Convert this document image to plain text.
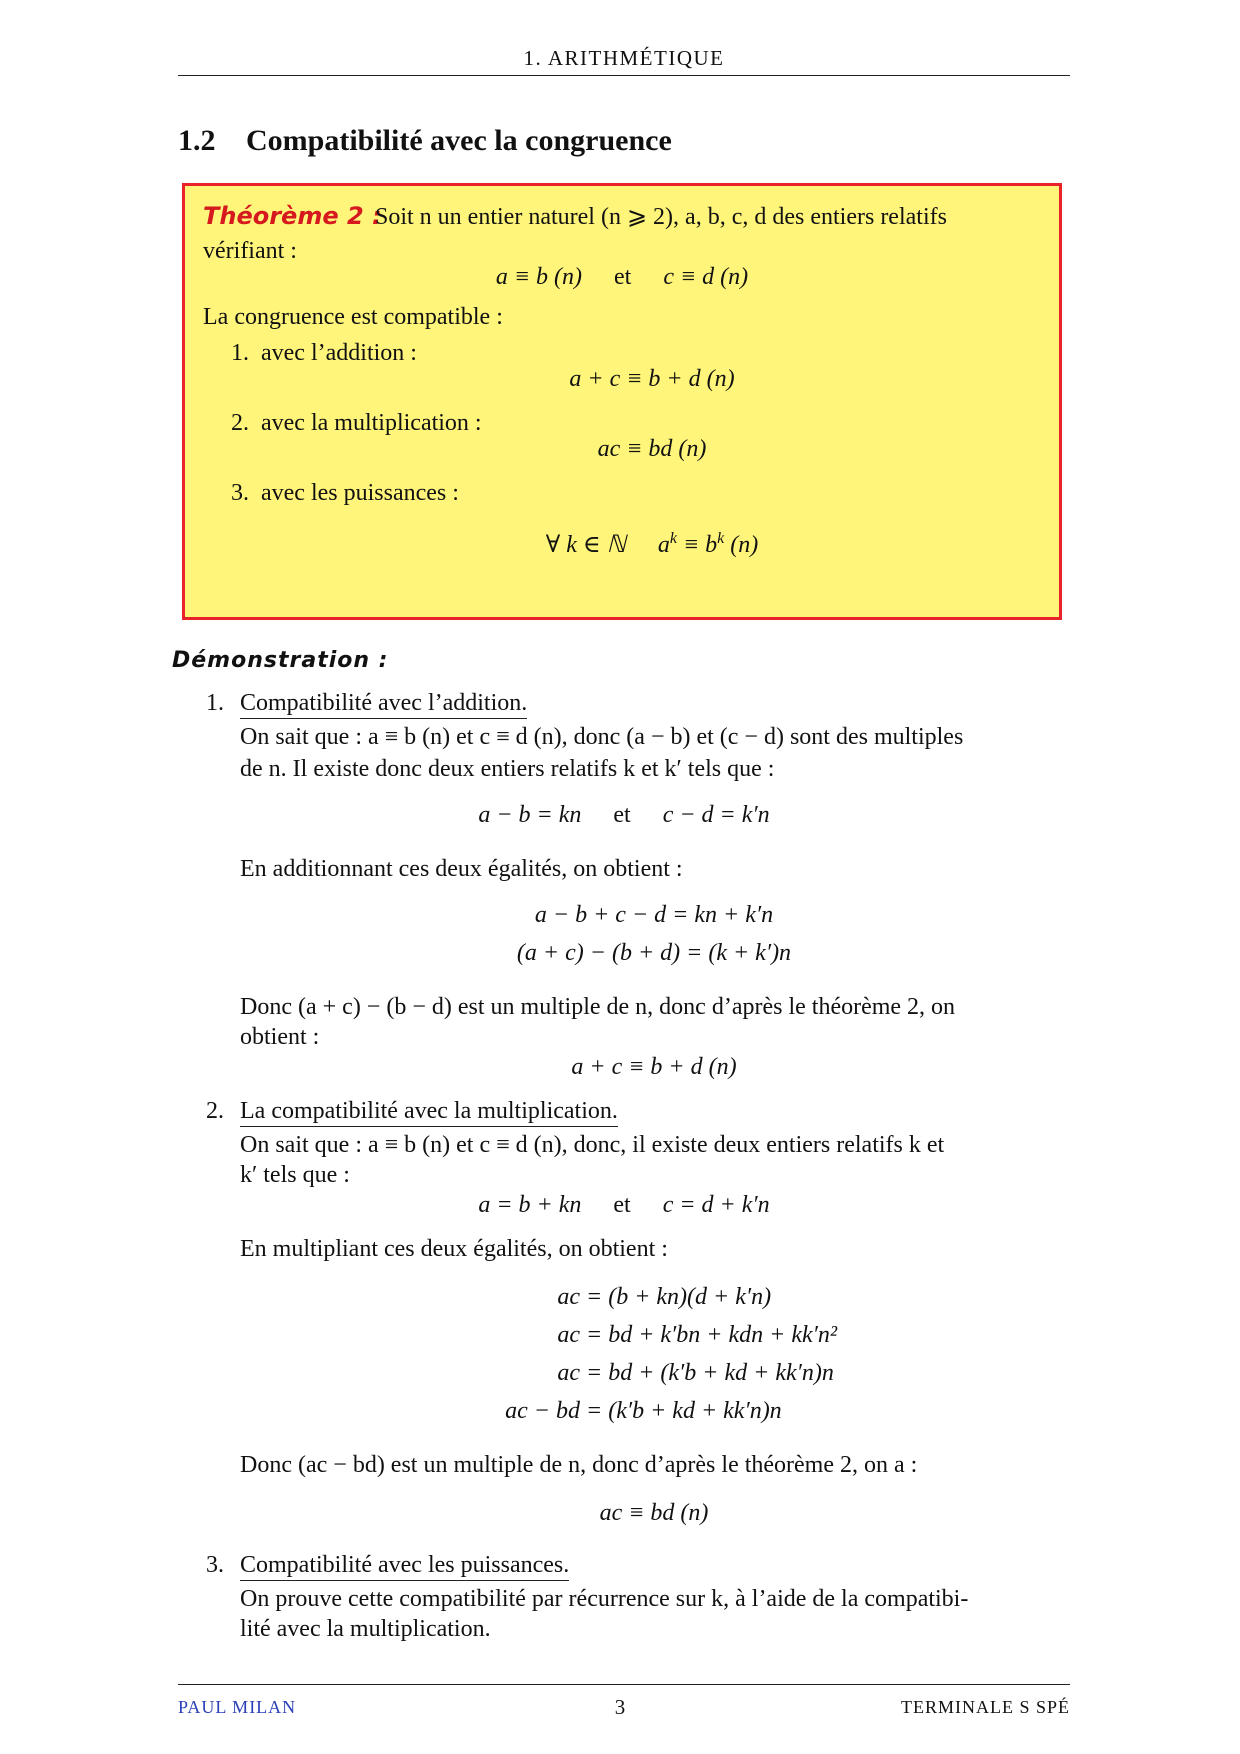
1. ARITHMÉTIQUE
1.2 Compatibilité avec la congruence
Théorème 2 :
Soit n un entier naturel (n ⩾ 2), a, b, c, d des entiers relatifs
vérifiant :
a ≡ b (n) et c ≡ d (n)
La congruence est compatible :
1. avec l’addition :
a + c ≡ b + d (n)
2. avec la multiplication :
ac ≡ bd (n)
3. avec les puissances :
∀ k ∈ ℕ $a^k \equiv b^k$ (n)
Démonstration :
1. Compatibilité avec l’addition.
On sait que : a ≡ b (n) et c ≡ d (n), donc (a − b) et (c − d) sont des multiples
de n. Il existe donc deux entiers relatifs k et k′ tels que :
a − b = kn et c − d = k′n
En additionnant ces deux égalités, on obtient :
a − b + c − d = kn + k′n
(a + c) − (b + d) = (k + k′)n
Donc (a + c) − (b − d) est un multiple de n, donc d’après le théorème 2, on
obtient :
a + c ≡ b + d (n)
2. La compatibilité avec la multiplication.
On sait que : a ≡ b (n) et c ≡ d (n), donc, il existe deux entiers relatifs k et
k′ tels que :
a = b + kn et c = d + k′n
En multipliant ces deux égalités, on obtient :
ac = (b + kn)(d + k′n)
ac = bd + k′bn + kdn + kk′n²
ac = bd + (k′b + kd + kk′n)n
ac − bd = (k′b + kd + kk′n)n
Donc (ac − bd) est un multiple de n, donc d’après le théorème 2, on a :
ac ≡ bd (n)
3. Compatibilité avec les puissances.
On prouve cette compatibilité par récurrence sur k, à l’aide de la compatibi-
lité avec la multiplication.
PAUL MILAN	3	TERMINALE S SPÉ
